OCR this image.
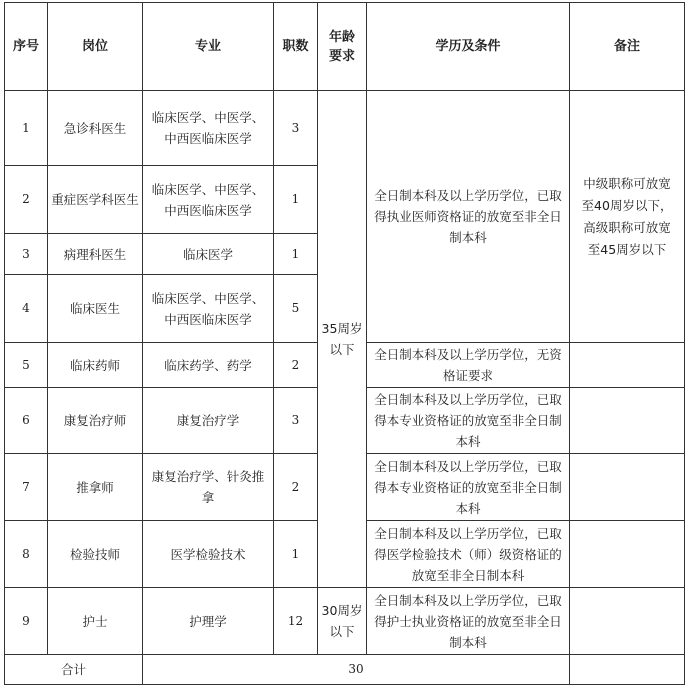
序号	岗位	专业	职数	年龄要求	学历及条件	备注
1	急诊科医生	临床医学、中医学、中西医临床医学	3	35周岁以下	全日制本科及以上学历学位，已取得执业医师资格证的放宽至非全日制本科	中级职称可放宽至40周岁以下，高级职称可放宽至45周岁以下
2	重症医学科医生	临床医学、中医学、中西医临床医学	1			
3	病理科医生	临床医学	1			
4	临床医生	临床医学、中医学、中西医临床医学	5			
5	临床药师	临床药学、药学	2		全日制本科及以上学历学位，无资格证要求	
6	康复治疗师	康复治疗学	3		全日制本科及以上学历学位，已取得本专业资格证的放宽至非全日制本科	
7	推拿师	康复治疗学、针灸推拿	2		全日制本科及以上学历学位，已取得本专业资格证的放宽至非全日制本科	
8	检验技师	医学检验技术	1		全日制本科及以上学历学位，已取得医学检验技术（师）级资格证的放宽至非全日制本科	
9	护士	护理学	12	30周岁以下	全日制本科及以上学历学位，已取得护士执业资格证的放宽至非全日制本科	
合计		30				
